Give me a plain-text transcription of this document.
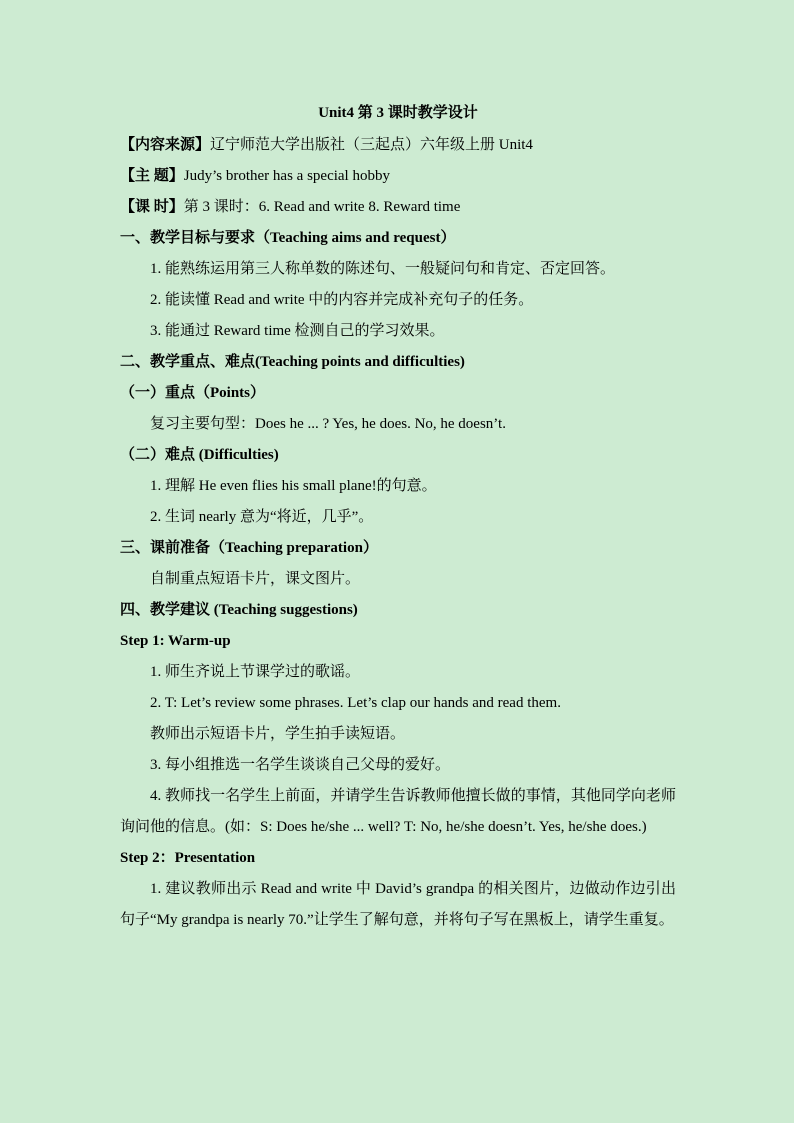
Unit4 第 3 课时教学设计
【内容来源】辽宁师范大学出版社（三起点）六年级上册 Unit4
【主 题】Judy’s brother has a special hobby
【课 时】第 3 课时：6. Read and write 8. Reward time
一、教学目标与要求（Teaching aims and request）
1. 能熟练运用第三人称单数的陈述句、一般疑问句和肯定、否定回答。
2. 能读懂 Read and write 中的内容并完成补充句子的任务。
3. 能通过 Reward time 检测自己的学习效果。
二、教学重点、难点(Teaching points and difficulties)
（一）重点（Points）
复习主要句型：Does he ... ? Yes, he does. No, he doesn’t.
（二）难点 (Difficulties)
1. 理解 He even flies his small plane!的句意。
2. 生词 nearly 意为“将近，几乎”。
三、课前准备（Teaching preparation）
自制重点短语卡片，课文图片。
四、教学建议 (Teaching suggestions)
Step 1: Warm-up
1. 师生齐说上节课学过的歌谣。
2. T: Let’s review some phrases. Let’s clap our hands and read them.
教师出示短语卡片，学生拍手读短语。
3. 每小组推选一名学生谈谈自己父母的爱好。
4. 教师找一名学生上前面，并请学生告诉教师他擅长做的事情，其他同学向老师询问他的信息。(如：S: Does he/she ... well? T: No, he/she doesn’t. Yes, he/she does.)
Step 2：Presentation
1. 建议教师出示 Read and write 中 David’s grandpa 的相关图片，边做动作边引出句子“My grandpa is nearly 70.”让学生了解句意，并将句子写在黑板上，请学生重复。
